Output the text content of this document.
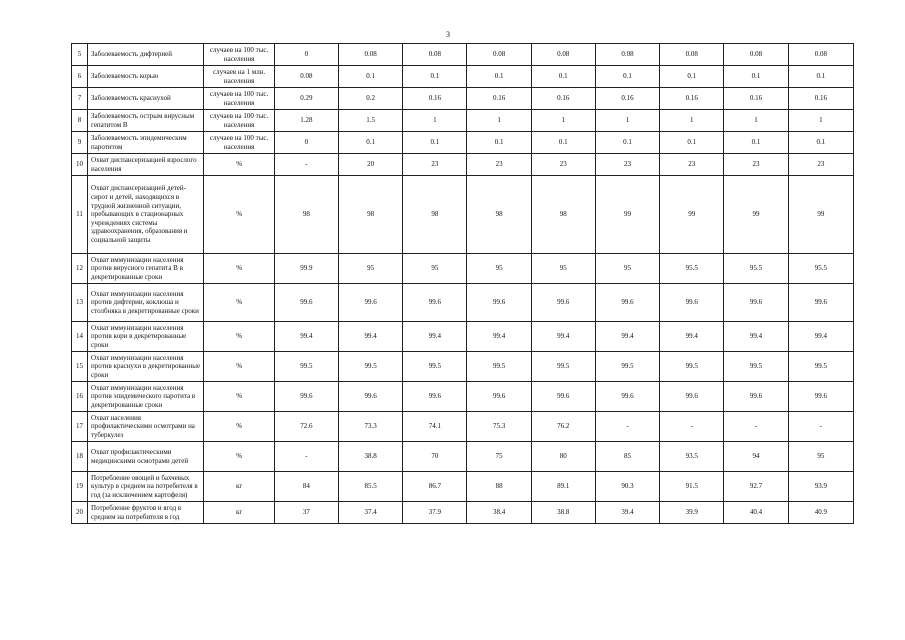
3
5	Заболеваемость дифтерией	случаев на 100 тыс. населения	0	0.08	0.08	0.08	0.08	0.08	0.08	0.08	0.08
6	Заболеваемость корью	случаев на 1 млн. населения	0.08	0.1	0.1	0.1	0.1	0.1	0.1	0.1	0.1
7	Заболеваемость краснухой	случаев на 100 тыс. населения	0.29	0.2	0.16	0.16	0.16	0.16	0.16	0.16	0.16
8	Заболеваемость острым вирусным гепатитом В	случаев на 100 тыс. населения	1.28	1.5	1	1	1	1	1	1	1
9	Заболеваемость эпидемическим паротитом	случаев на 100 тыс. населения	0	0.1	0.1	0.1	0.1	0.1	0.1	0.1	0.1
10	Охват диспансеризацией взрослого населения	%	-	20	23	23	23	23	23	23	23
11	Охват диспансеризацией детей-сирот и детей, находящихся в трудной жизненной ситуации, пребывающих в стационарных учреждениях системы здравоохранения, образования и социальной защиты	%	98	98	98	98	98	99	99	99	99
12	Охват иммунизации населения против вирусного гепатита В в декретированные сроки	%	99.9	95	95	95	95	95	95.5	95.5	95.5
13	Охват иммунизации населения против дифтерии, коклюша и столбняка в декретированные сроки	%	99.6	99.6	99.6	99.6	99.6	99.6	99.6	99.6	99.6
14	Охват иммунизации населения против кори в декретированные сроки	%	99.4	99.4	99.4	99.4	99.4	99.4	99.4	99.4	99.4
15	Охват иммунизации населения против краснухи в декретированные сроки	%	99.5	99.5	99.5	99.5	99.5	99.5	99.5	99.5	99.5
16	Охват иммунизации населения против эпидемического паротита в декретированные сроки	%	99.6	99.6	99.6	99.6	99.6	99.6	99.6	99.6	99.6
17	Охват населения профилактическими осмотрами на туберкулез	%	72.6	73.3	74.1	75.3	76.2	-	-	-	-
18	Охват профилактическими медицинскими осмотрами детей	%	-	38.8	70	75	80	85	93.5	94	95
19	Потребление овощей и бахчевых культур в среднем на потребителя в год (за исключением картофеля)	кг	84	85.5	86.7	88	89.1	90.3	91.5	92.7	93.9
20	Потребление фруктов и ягод в среднем на потребителя в год	кг	37	37.4	37.9	38.4	38.8	39.4	39.9	40.4	40.9
